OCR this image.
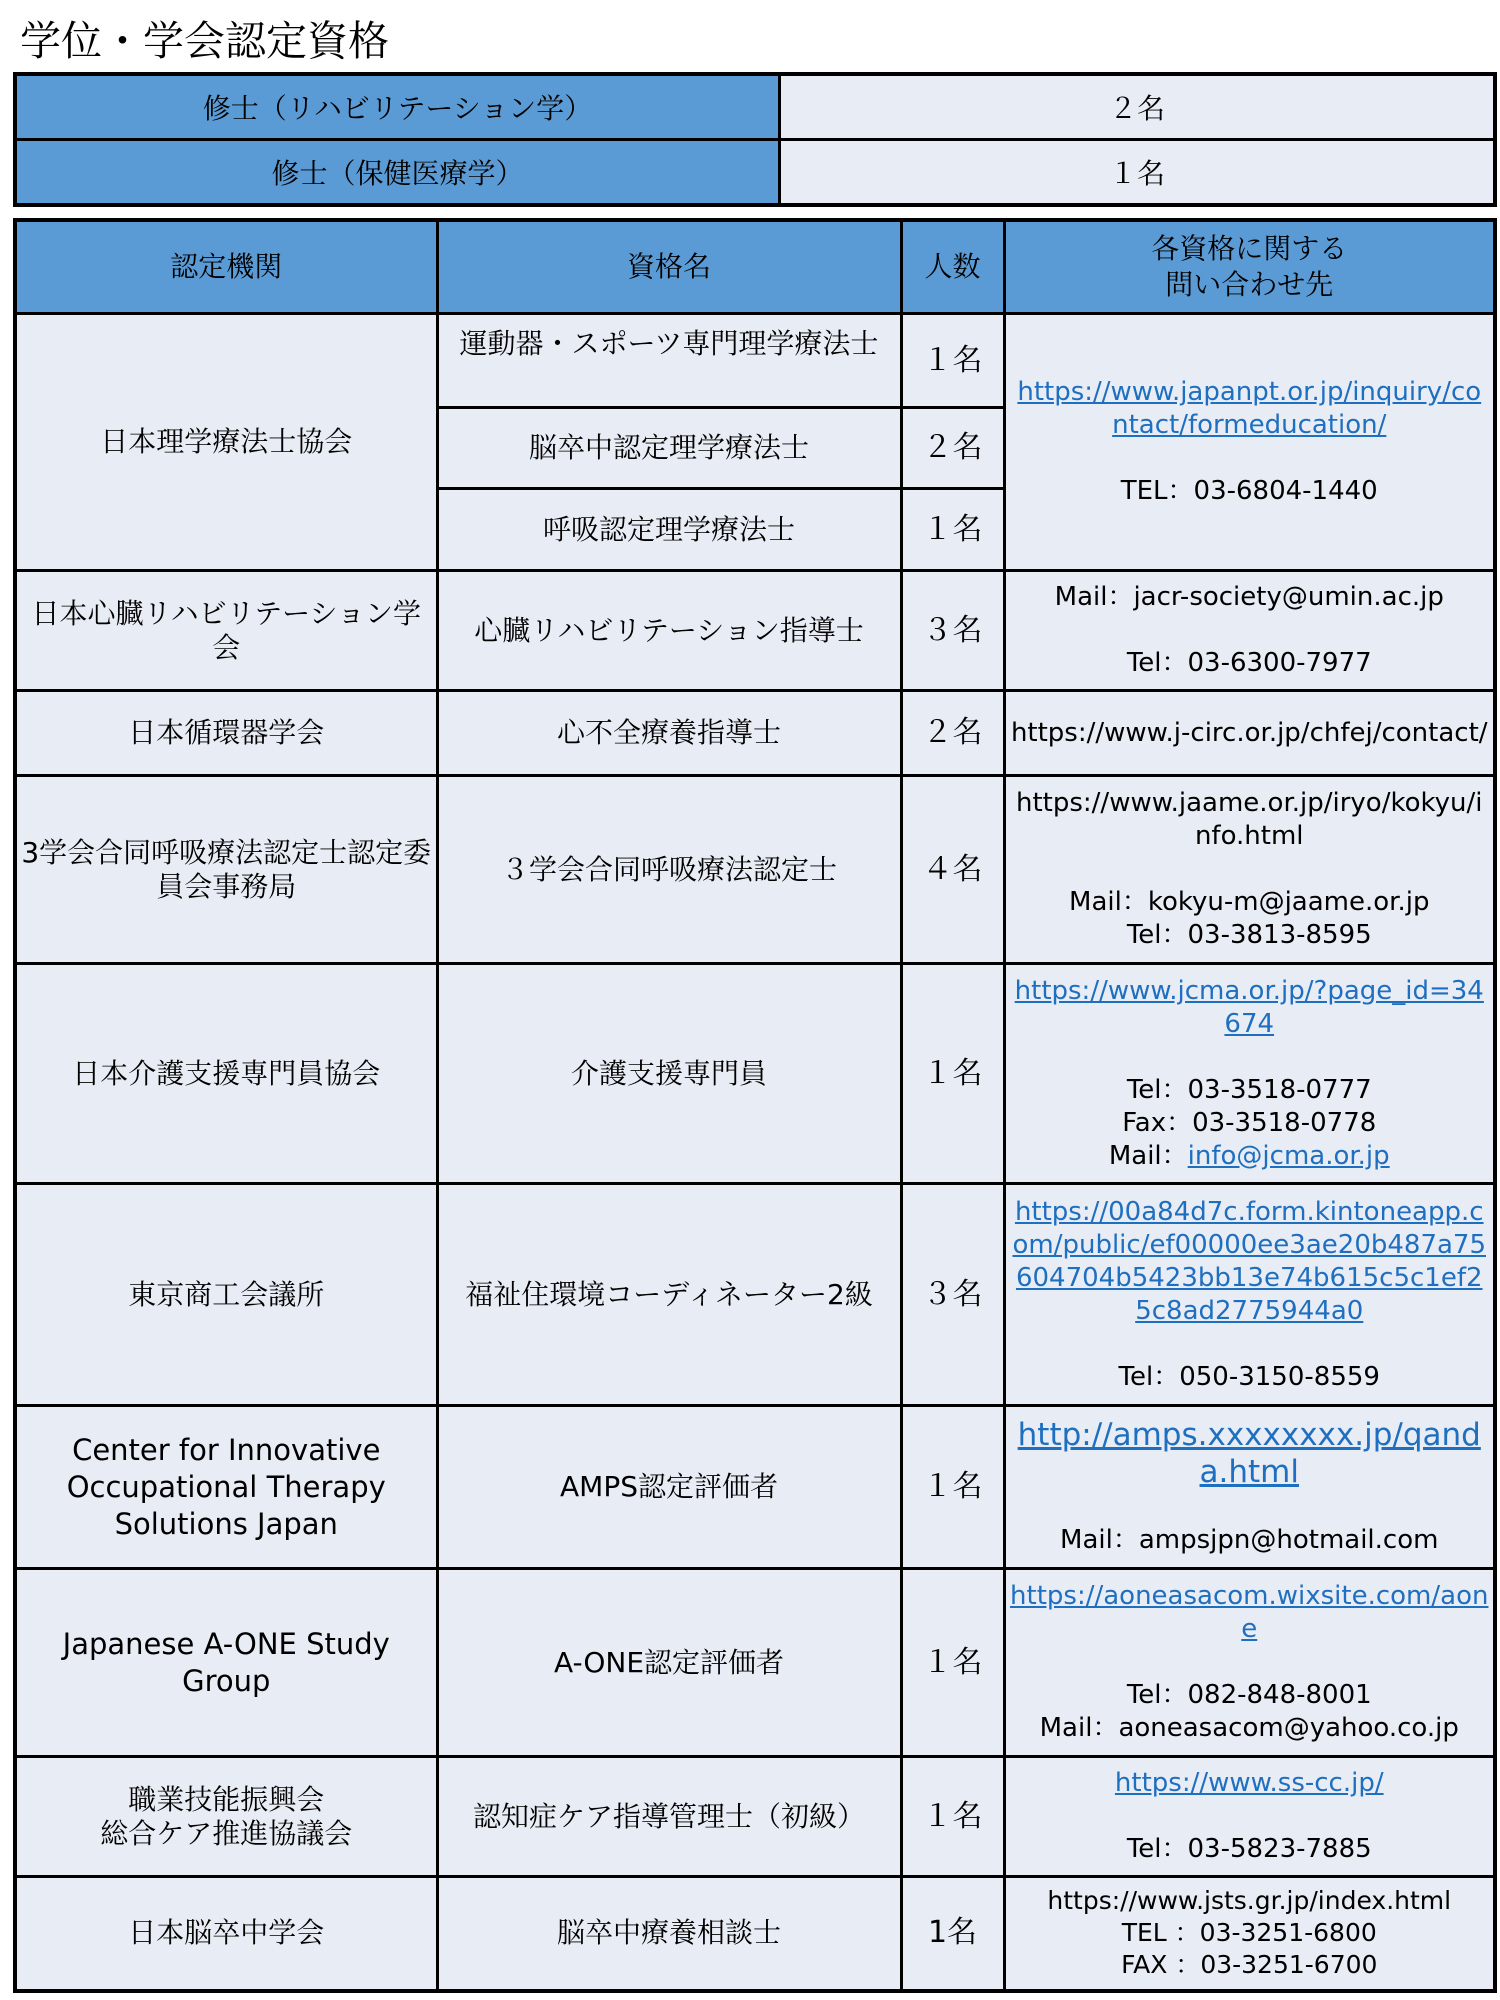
学位・学会認定資格
修士（リハビリテーション学）	２名
修士（保健医療学）	１名
認定機関	資格名	人数	各資格に関する
問い合わせ先

日本理学療法士協会	運動器・スポーツ専門理学療法士	１名	https://www.japanpt.or.jp/inquiry/contact/formeducation/
TEL：03-6804-1440

	脳卒中認定理学療法士	２名	
	呼吸認定理学療法士	１名	
日本心臓リハビリテーション学会	心臓リハビリテーション指導士	３名	Mail：jacr-society@umin.ac.jp
Tel：03-6300-7977

日本循環器学会	心不全療養指導士	２名	https://www.j-circ.or.jp/chfej/contact/

3学会合同呼吸療法認定士認定委員会事務局	３学会合同呼吸療法認定士	４名	https://www.jaame.or.jp/iryo/kokyu/info.html
Mail：kokyu-m@jaame.or.jp
Tel：03-3813-8595

日本介護支援専門員協会	介護支援専門員	１名	https://www.jcma.or.jp/?page_id=34674
Tel：03-3518-0777
Fax：03-3518-0778
Mail：info@jcma.or.jp

東京商工会議所	福祉住環境コーディネーター2級	３名	https://00a84d7c.form.kintoneapp.com/public/ef00000ee3ae20b487a75604704b5423bb13e74b615c5c1ef25c8ad2775944a0
Tel：050-3150-8559

Center for Innovative Occupational Therapy Solutions Japan	AMPS認定評価者	１名	http://amps.xxxxxxxx.jp/qanda.html
Mail：ampsjpn@hotmail.com

Japanese A-ONE Study Group	A-ONE認定評価者	１名	https://aoneasacom.wixsite.com/aone
Tel：082-848-8001
Mail：aoneasacom@yahoo.co.jp

職業技能振興会
総合ケア推進協議会	認知症ケア指導管理士（初級）	１名	https://www.ss-cc.jp/
Tel：03-5823-7885

日本脳卒中学会	脳卒中療養相談士	1名	https://www.jsts.gr.jp/index.html
TEL ：03-3251-6800
FAX ：03-3251-6700
